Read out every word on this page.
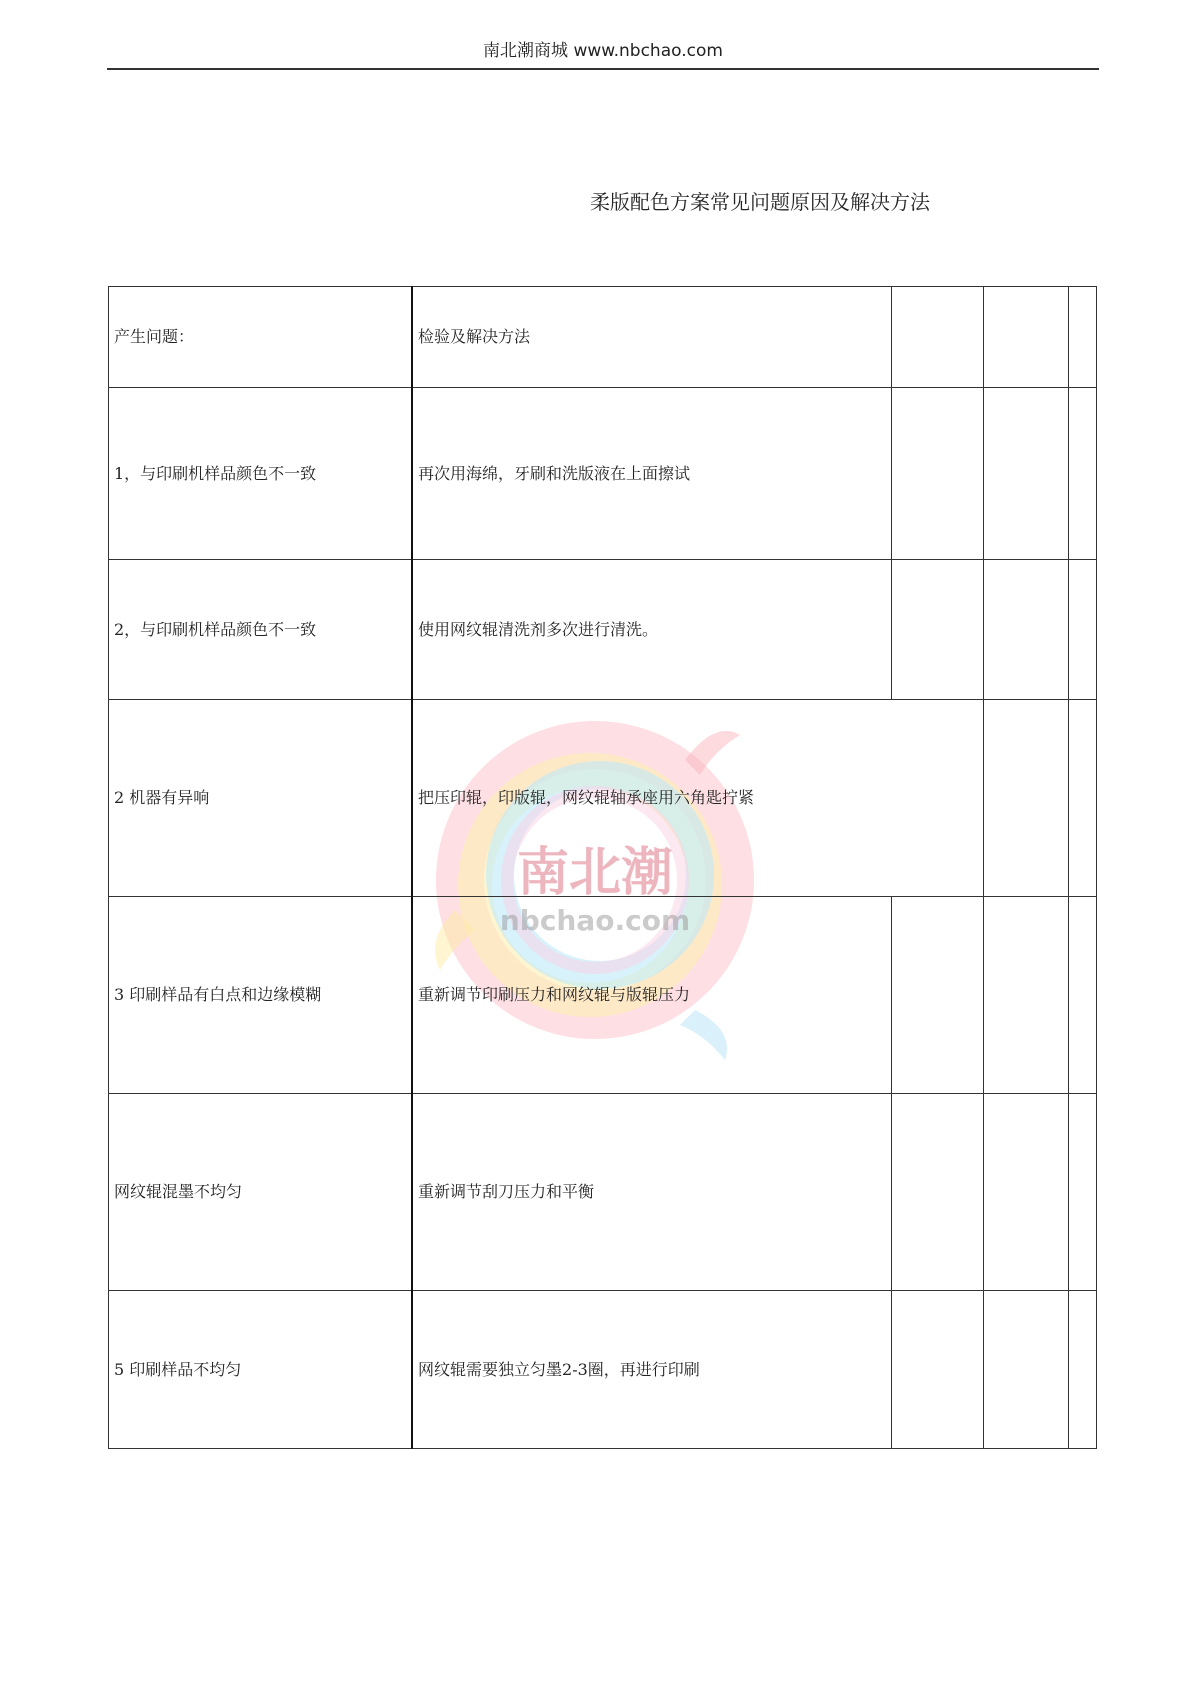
南北潮商城 www.nbchao.com
柔版配色方案常见问题原因及解决方法
南北潮
nbchao.com
产生问题：	检验及解决方法			
1，与印刷机样品颜色不一致	再次用海绵，牙刷和洗版液在上面擦试			
2，与印刷机样品颜色不一致	使用网纹辊清洗剂多次进行清洗。			
2 机器有异响	把压印辊，印版辊，网纹辊轴承座用六角匙拧紧			
3 印刷样品有白点和边缘模糊	重新调节印刷压力和网纹辊与版辊压力			
网纹辊混墨不均匀	重新调节刮刀压力和平衡			
5 印刷样品不均匀	网纹辊需要独立匀墨2-3圈，再进行印刷			
